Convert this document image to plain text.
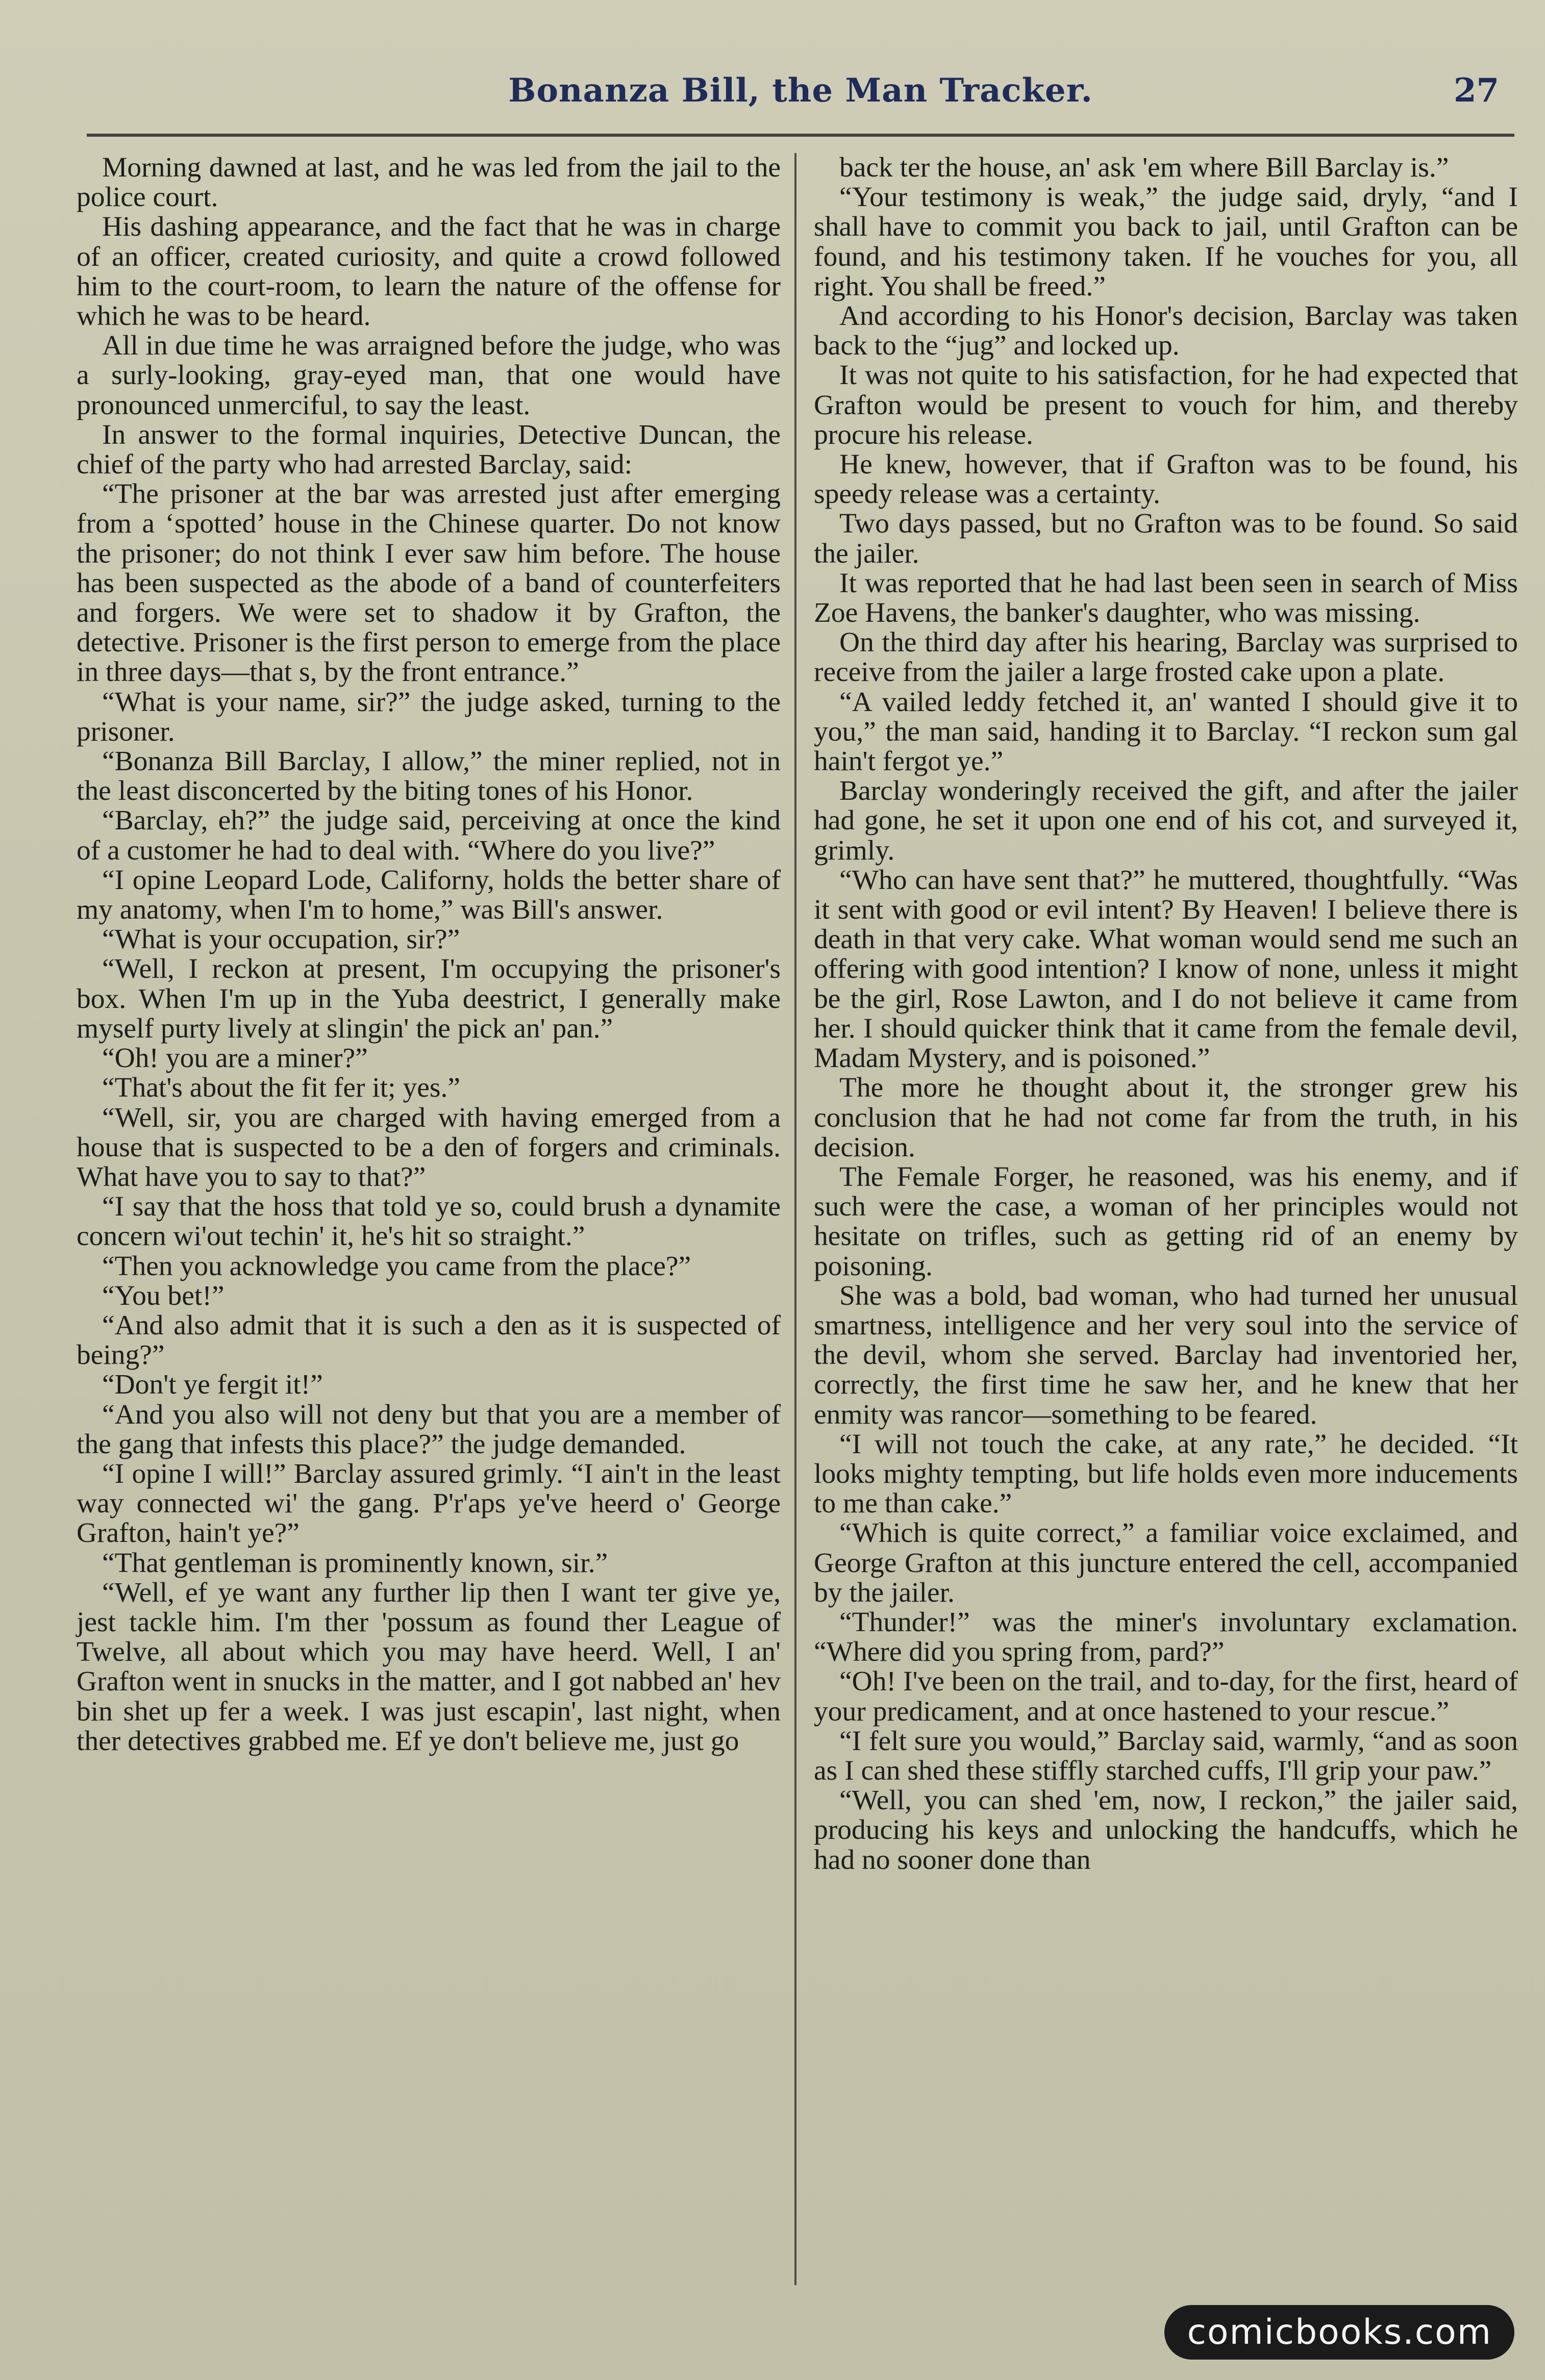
Bonanza Bill, the Man Tracker.	27

Morning dawned at last, and he was led from the jail to the police court.

His dashing appearance, and the fact that he was in charge of an officer, created curiosity, and quite a crowd followed him to the court-room, to learn the nature of the offense for which he was to be heard.

All in due time he was arraigned before the judge, who was a surly-looking, gray-eyed man, that one would have pronounced unmerciful, to say the least.

In answer to the formal inquiries, Detective Duncan, the chief of the party who had arrested Barclay, said:

“The prisoner at the bar was arrested just after emerging from a ‘spotted’ house in the Chinese quarter. Do not know the prisoner; do not think I ever saw him before. The house has been suspected as the abode of a band of counterfeiters and forgers. We were set to shadow it by Grafton, the detective. Prisoner is the first person to emerge from the place in three days—that s, by the front entrance.”

“What is your name, sir?” the judge asked, turning to the prisoner.

“Bonanza Bill Barclay, I allow,” the miner replied, not in the least disconcerted by the biting tones of his Honor.

“Barclay, eh?” the judge said, perceiving at once the kind of a customer he had to deal with. “Where do you live?”

“I opine Leopard Lode, Californy, holds the better share of my anatomy, when I'm to home,” was Bill's answer.

“What is your occupation, sir?”

“Well, I reckon at present, I'm occupying the prisoner's box. When I'm up in the Yuba deestrict, I generally make myself purty lively at slingin' the pick an' pan.”

“Oh! you are a miner?”

“That's about the fit fer it; yes.”

“Well, sir, you are charged with having emerged from a house that is suspected to be a den of forgers and criminals. What have you to say to that?”

“I say that the hoss that told ye so, could brush a dynamite concern wi'out techin' it, he's hit so straight.”

“Then you acknowledge you came from the place?”

“You bet!”

“And also admit that it is such a den as it is suspected of being?”

“Don't ye fergit it!”

“And you also will not deny but that you are a member of the gang that infests this place?” the judge demanded.

“I opine I will!” Barclay assured grimly. “I ain't in the least way connected wi' the gang. P'r'aps ye've heerd o' George Grafton, hain't ye?”

“That gentleman is prominently known, sir.”

“Well, ef ye want any further lip then I want ter give ye, jest tackle him. I'm ther 'possum as found ther League of Twelve, all about which you may have heerd. Well, I an' Grafton went in snucks in the matter, and I got nabbed an' hev bin shet up fer a week. I was just escapin', last night, when ther detectives grabbed me. Ef ye don't believe me, just go

back ter the house, an' ask 'em where Bill Barclay is.”

“Your testimony is weak,” the judge said, dryly, “and I shall have to commit you back to jail, until Grafton can be found, and his testimony taken. If he vouches for you, all right. You shall be freed.”

And according to his Honor's decision, Barclay was taken back to the “jug” and locked up.

It was not quite to his satisfaction, for he had expected that Grafton would be present to vouch for him, and thereby procure his release.

He knew, however, that if Grafton was to be found, his speedy release was a certainty.

Two days passed, but no Grafton was to be found. So said the jailer.

It was reported that he had last been seen in search of Miss Zoe Havens, the banker's daughter, who was missing.

On the third day after his hearing, Barclay was surprised to receive from the jailer a large frosted cake upon a plate.

“A vailed leddy fetched it, an' wanted I should give it to you,” the man said, handing it to Barclay. “I reckon sum gal hain't fergot ye.”

Barclay wonderingly received the gift, and after the jailer had gone, he set it upon one end of his cot, and surveyed it, grimly.

“Who can have sent that?” he muttered, thoughtfully. “Was it sent with good or evil intent? By Heaven! I believe there is death in that very cake. What woman would send me such an offering with good intention? I know of none, unless it might be the girl, Rose Lawton, and I do not believe it came from her. I should quicker think that it came from the female devil, Madam Mystery, and is poisoned.”

The more he thought about it, the stronger grew his conclusion that he had not come far from the truth, in his decision.

The Female Forger, he reasoned, was his enemy, and if such were the case, a woman of her principles would not hesitate on trifles, such as getting rid of an enemy by poisoning.

She was a bold, bad woman, who had turned her unusual smartness, intelligence and her very soul into the service of the devil, whom she served. Barclay had inventoried her, correctly, the first time he saw her, and he knew that her enmity was rancor—something to be feared.

“I will not touch the cake, at any rate,” he decided. “It looks mighty tempting, but life holds even more inducements to me than cake.”

“Which is quite correct,” a familiar voice exclaimed, and George Grafton at this juncture entered the cell, accompanied by the jailer.

“Thunder!” was the miner's involuntary exclamation. “Where did you spring from, pard?”

“Oh! I've been on the trail, and to-day, for the first, heard of your predicament, and at once hastened to your rescue.”

“I felt sure you would,” Barclay said, warmly, “and as soon as I can shed these stiffly starched cuffs, I'll grip your paw.”

“Well, you can shed 'em, now, I reckon,” the jailer said, producing his keys and unlocking the handcuffs, which he had no sooner done than

comicbooks.com
